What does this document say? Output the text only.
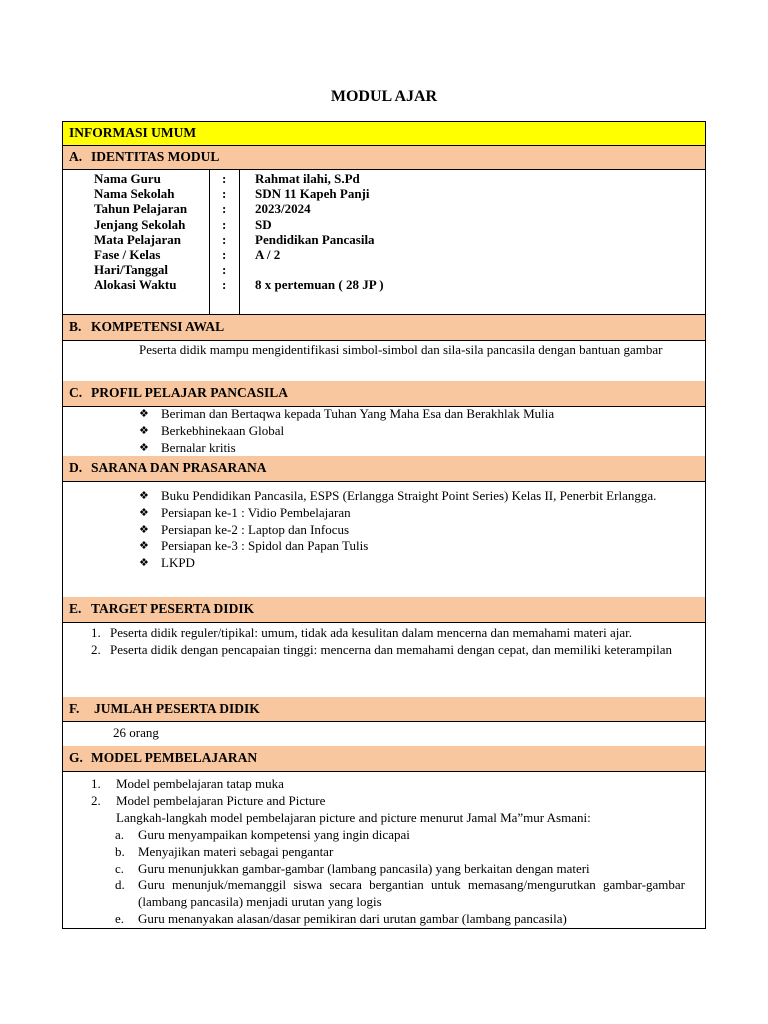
MODUL AJAR
INFORMASI UMUM
A. IDENTITAS MODUL
Nama Guru
Nama Sekolah
Tahun Pelajaran
Jenjang Sekolah
Mata Pelajaran
Fase / Kelas
Hari/Tanggal
Alokasi Waktu
:
:
:
:
:
:
:
:
Rahmat ilahi, S.Pd
SDN 11 Kapeh Panji
2023/2024
SD
Pendidikan Pancasila
A / 2
8 x pertemuan ( 28 JP )
B. KOMPETENSI AWAL
Peserta didik mampu mengidentifikasi simbol-simbol dan sila-sila pancasila dengan bantuan gambar
C. PROFIL PELAJAR PANCASILA
❖ Beriman dan Bertaqwa kepada Tuhan Yang Maha Esa dan Berakhlak Mulia
❖ Berkebhinekaan Global
❖ Bernalar kritis
D. SARANA DAN PRASARANA
❖ Buku Pendidikan Pancasila, ESPS (Erlangga Straight Point Series) Kelas II, Penerbit Erlangga.
❖ Persiapan ke-1 : Vidio Pembelajaran
❖ Persiapan ke-2 : Laptop dan Infocus
❖ Persiapan ke-3 : Spidol dan Papan Tulis
❖ LKPD
E. TARGET PESERTA DIDIK
1. Peserta didik reguler/tipikal: umum, tidak ada kesulitan dalam mencerna dan memahami materi ajar.
2. Peserta didik dengan pencapaian tinggi: mencerna dan memahami dengan cepat, dan memiliki keterampilan
F. JUMLAH PESERTA DIDIK
26 orang
G. MODEL PEMBELAJARAN
1. Model pembelajaran tatap muka
2. Model pembelajaran Picture and Picture
Langkah-langkah model pembelajaran picture and picture menurut Jamal Ma”mur Asmani:
a. Guru menyampaikan kompetensi yang ingin dicapai
b. Menyajikan materi sebagai pengantar
c. Guru menunjukkan gambar-gambar (lambang pancasila) yang berkaitan dengan materi
d. Guru menunjuk/memanggil siswa secara bergantian untuk memasang/mengurutkan gambar-gambar (lambang pancasila) menjadi urutan yang logis
e. Guru menanyakan alasan/dasar pemikiran dari urutan gambar (lambang pancasila)
